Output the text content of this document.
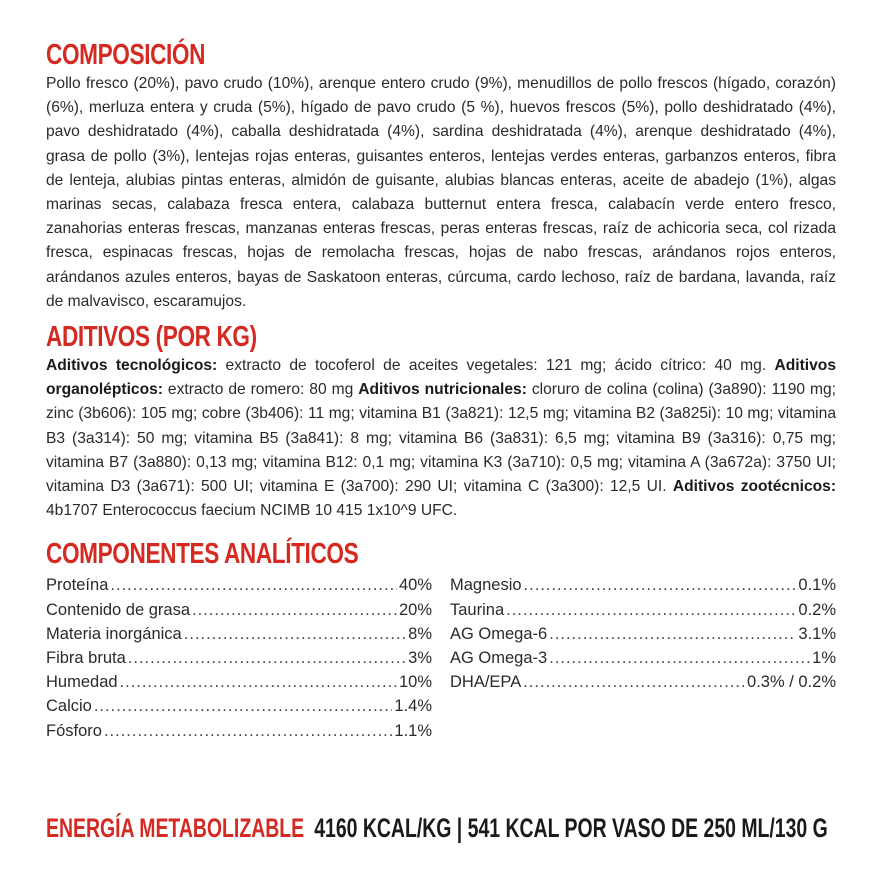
COMPOSICIÓN

Pollo fresco (20%), pavo crudo (10%), arenque entero crudo (9%), menudillos de pollo frescos (hígado, corazón) (6%), merluza entera y cruda (5%), hígado de pavo crudo (5 %), huevos frescos (5%), pollo deshidratado (4%), pavo deshidratado (4%), caballa deshidratada (4%), sardina deshidratada (4%), arenque deshidratado (4%), grasa de pollo (3%), lentejas rojas enteras, guisantes enteros, lentejas verdes enteras, garbanzos enteros, fibra de lenteja, alubias pintas enteras, almidón de guisante, alubias blancas enteras, aceite de abadejo (1%), algas marinas secas, calabaza fresca entera, calabaza butternut entera fresca, calabacín verde entero fresco, zanahorias enteras frescas, manzanas enteras frescas, peras enteras frescas, raíz de achicoria seca, col rizada fresca, espinacas frescas, hojas de remolacha frescas, hojas de nabo frescas, arándanos rojos enteros, arándanos azules enteros, bayas de Saskatoon enteras, cúrcuma, cardo lechoso, raíz de bardana, lavanda, raíz de malvavisco, escaramujos.

ADITIVOS (POR KG)

Aditivos tecnológicos: extracto de tocoferol de aceites vegetales: 121 mg; ácido cítrico: 40 mg. Aditivos organolépticos: extracto de romero: 80 mg Aditivos nutricionales: cloruro de colina (colina) (3a890): 1190 mg; zinc (3b606): 105 mg; cobre (3b406): 11 mg; vitamina B1 (3a821): 12,5 mg; vitamina B2 (3a825i): 10 mg; vitamina B3 (3a314): 50 mg; vitamina B5 (3a841): 8 mg; vitamina B6 (3a831): 6,5 mg; vitamina B9 (3a316): 0,75 mg; vitamina B7 (3a880): 0,13 mg; vitamina B12: 0,1 mg; vitamina K3 (3a710): 0,5 mg; vitamina A (3a672a): 3750 UI; vitamina D3 (3a671): 500 UI; vitamina E (3a700): 290 UI; vitamina C (3a300): 12,5 UI. Aditivos zootécnicos: 4b1707 Enterococcus faecium NCIMB 10 415 1x10^9 UFC.

COMPONENTES ANALÍTICOS
Proteína .....	40%
Contenido de grasa .....	20%
Materia inorgánica .....	8%
Fibra bruta .....	3%
Humedad .....	10%
Calcio .....	1.4%
Fósforo .....	1.1%
Magnesio .....	0.1%
Taurina .....	0.2%
AG Omega-6 .....	3.1%
AG Omega-3 .....	1%
DHA/EPA .....	0.3% / 0.2%
ENERGÍA METABOLIZABLE 4160 KCAL/KG | 541 KCAL POR VASO DE 250 ML/130 G
